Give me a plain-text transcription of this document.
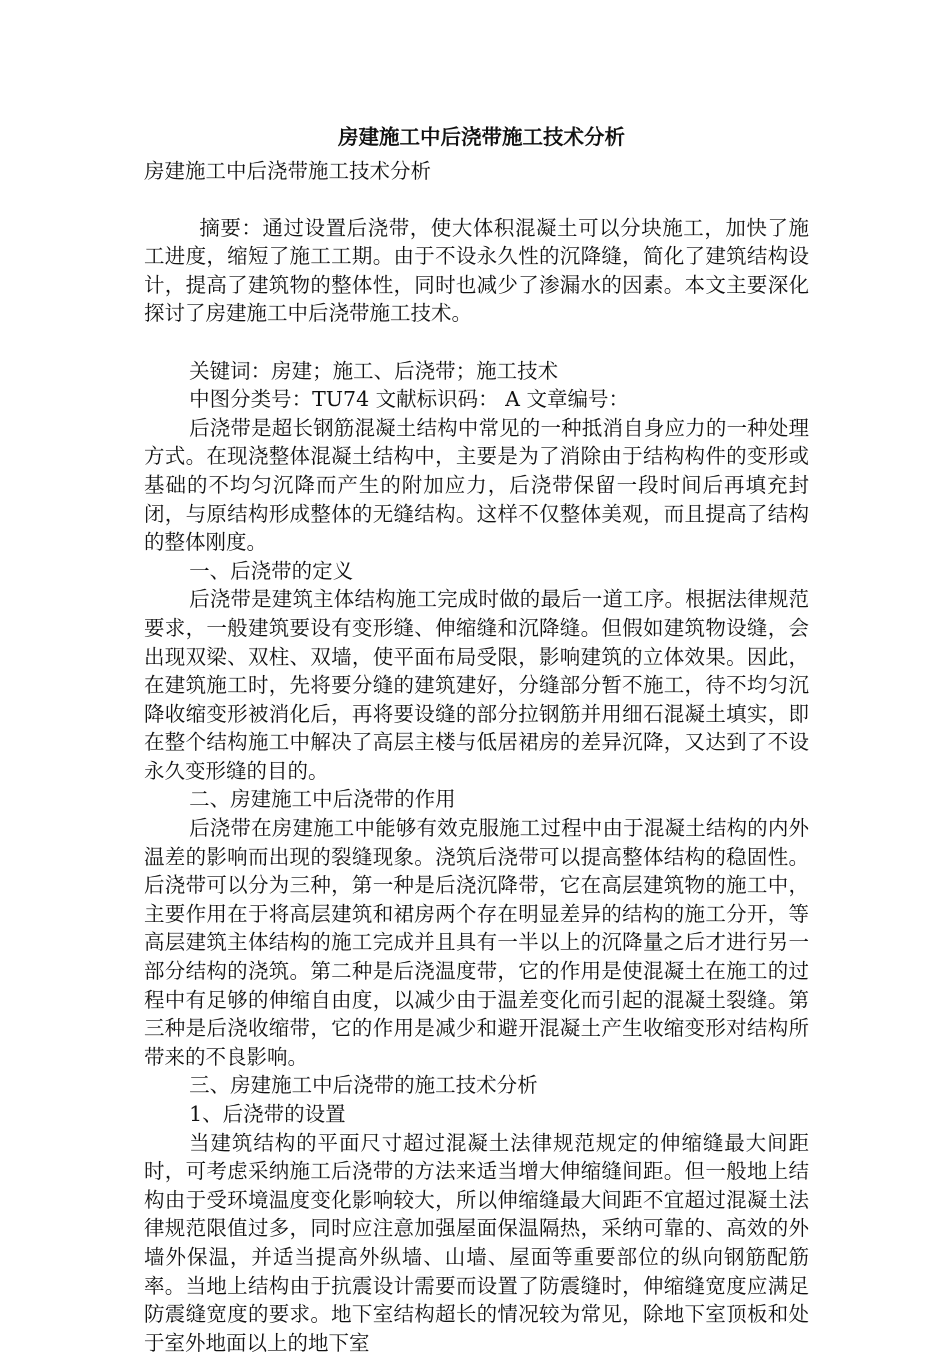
房建施工中后浇带施工技术分析

房建施工中后浇带施工技术分析

摘要：通过设置后浇带，使大体积混凝土可以分块施工，加快了施工进度，缩短了施工工期。由于不设永久性的沉降缝，简化了建筑结构设计，提高了建筑物的整体性，同时也减少了渗漏水的因素。本文主要深化探讨了房建施工中后浇带施工技术。

关键词：房建；施工、后浇带；施工技术

中图分类号：TU74 文献标识码： A 文章编号：

后浇带是超长钢筋混凝土结构中常见的一种抵消自身应力的一种处理方式。在现浇整体混凝土结构中，主要是为了消除由于结构构件的变形或基础的不均匀沉降而产生的附加应力，后浇带保留一段时间后再填充封闭，与原结构形成整体的无缝结构。这样不仅整体美观，而且提高了结构的整体刚度。

一、后浇带的定义

后浇带是建筑主体结构施工完成时做的最后一道工序。根据法律规范要求，一般建筑要设有变形缝、伸缩缝和沉降缝。但假如建筑物设缝，会出现双梁、双柱、双墙，使平面布局受限，影响建筑的立体效果。因此，在建筑施工时，先将要分缝的建筑建好，分缝部分暂不施工，待不均匀沉降收缩变形被消化后，再将要设缝的部分拉钢筋并用细石混凝土填实，即在整个结构施工中解决了高层主楼与低居裙房的差异沉降，又达到了不设永久变形缝的目的。

二、房建施工中后浇带的作用

后浇带在房建施工中能够有效克服施工过程中由于混凝土结构的内外温差的影响而出现的裂缝现象。浇筑后浇带可以提高整体结构的稳固性。后浇带可以分为三种，第一种是后浇沉降带，它在高层建筑物的施工中，主要作用在于将高层建筑和裙房两个存在明显差异的结构的施工分开，等高层建筑主体结构的施工完成并且具有一半以上的沉降量之后才进行另一部分结构的浇筑。第二种是后浇温度带，它的作用是使混凝土在施工的过程中有足够的伸缩自由度，以减少由于温差变化而引起的混凝土裂缝。第三种是后浇收缩带，它的作用是减少和避开混凝土产生收缩变形对结构所带来的不良影响。

三、房建施工中后浇带的施工技术分析

1、后浇带的设置

当建筑结构的平面尺寸超过混凝土法律规范规定的伸缩缝最大间距时，可考虑采纳施工后浇带的方法来适当增大伸缩缝间距。但一般地上结构由于受环境温度变化影响较大，所以伸缩缝最大间距不宜超过混凝土法律规范限值过多，同时应注意加强屋面保温隔热，采纳可靠的、高效的外墙外保温，并适当提高外纵墙、山墙、屋面等重要部位的纵向钢筋配筋率。当地上结构由于抗震设计需要而设置了防震缝时，伸缩缝宽度应满足防震缝宽度的要求。地下室结构超长的情况较为常见，除地下室顶板和处于室外地面以上的地下室
